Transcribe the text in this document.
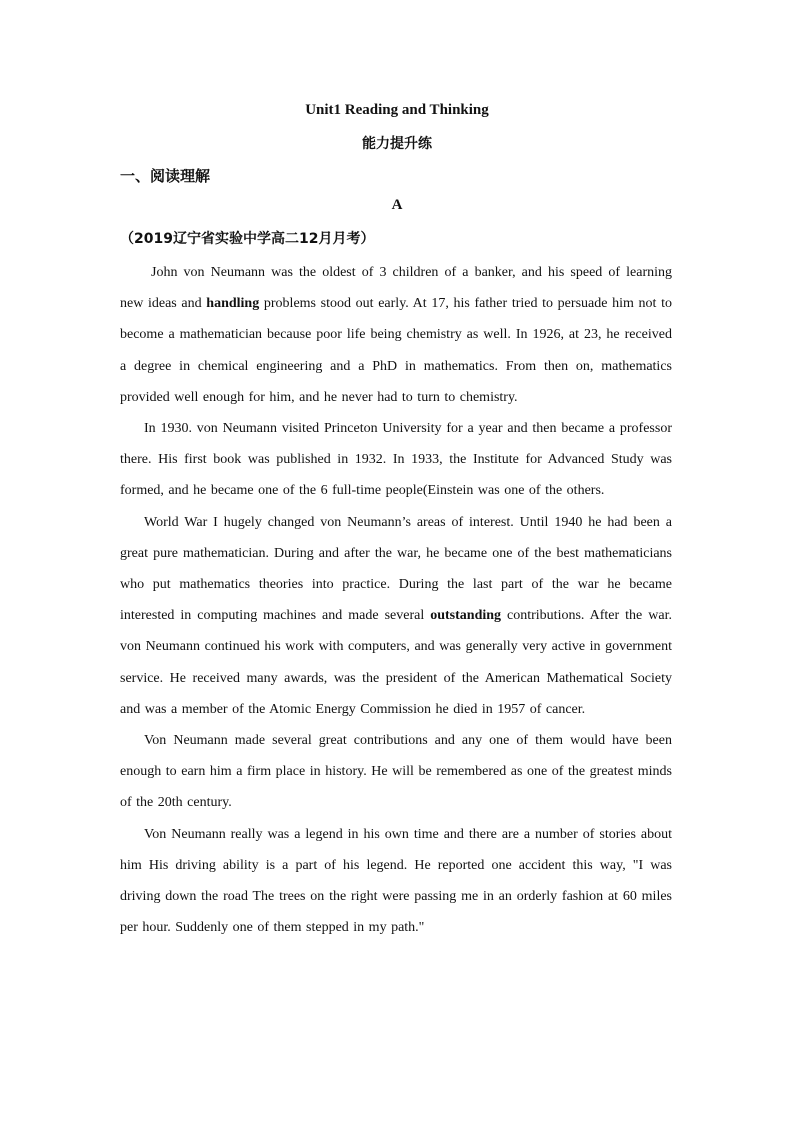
Unit1 Reading and Thinking
能力提升练
一、阅读理解
A
（2019辽宁省实验中学高二12月月考）

John von Neumann was the oldest of 3 children of a banker, and his speed of learning new ideas and handling problems stood out early. At 17, his father tried to persuade him not to become a mathematician because poor life being chemistry as well. In 1926, at 23, he received a degree in chemical engineering and a PhD in mathematics. From then on, mathematics provided well enough for him, and he never had to turn to chemistry.

In 1930. von Neumann visited Princeton University for a year and then became a professor there. His first book was published in 1932. In 1933, the Institute for Advanced Study was formed, and he became one of the 6 full-time people(Einstein was one of the others.

World War I hugely changed von Neumann’s areas of interest. Until 1940 he had been a great pure mathematician. During and after the war, he became one of the best mathematicians who put mathematics theories into practice. During the last part of the war he became interested in computing machines and made several outstanding contributions. After the war. von Neumann continued his work with computers, and was generally very active in government service. He received many awards, was the president of the American Mathematical Society and was a member of the Atomic Energy Commission he died in 1957 of cancer.

Von Neumann made several great contributions and any one of them would have been enough to earn him a firm place in history. He will be remembered as one of the greatest minds of the 20th century.

Von Neumann really was a legend in his own time and there are a number of stories about him His driving ability is a part of his legend. He reported one accident this way, "I was driving down the road The trees on the right were passing me in an orderly fashion at 60 miles per hour. Suddenly one of them stepped in my path."
